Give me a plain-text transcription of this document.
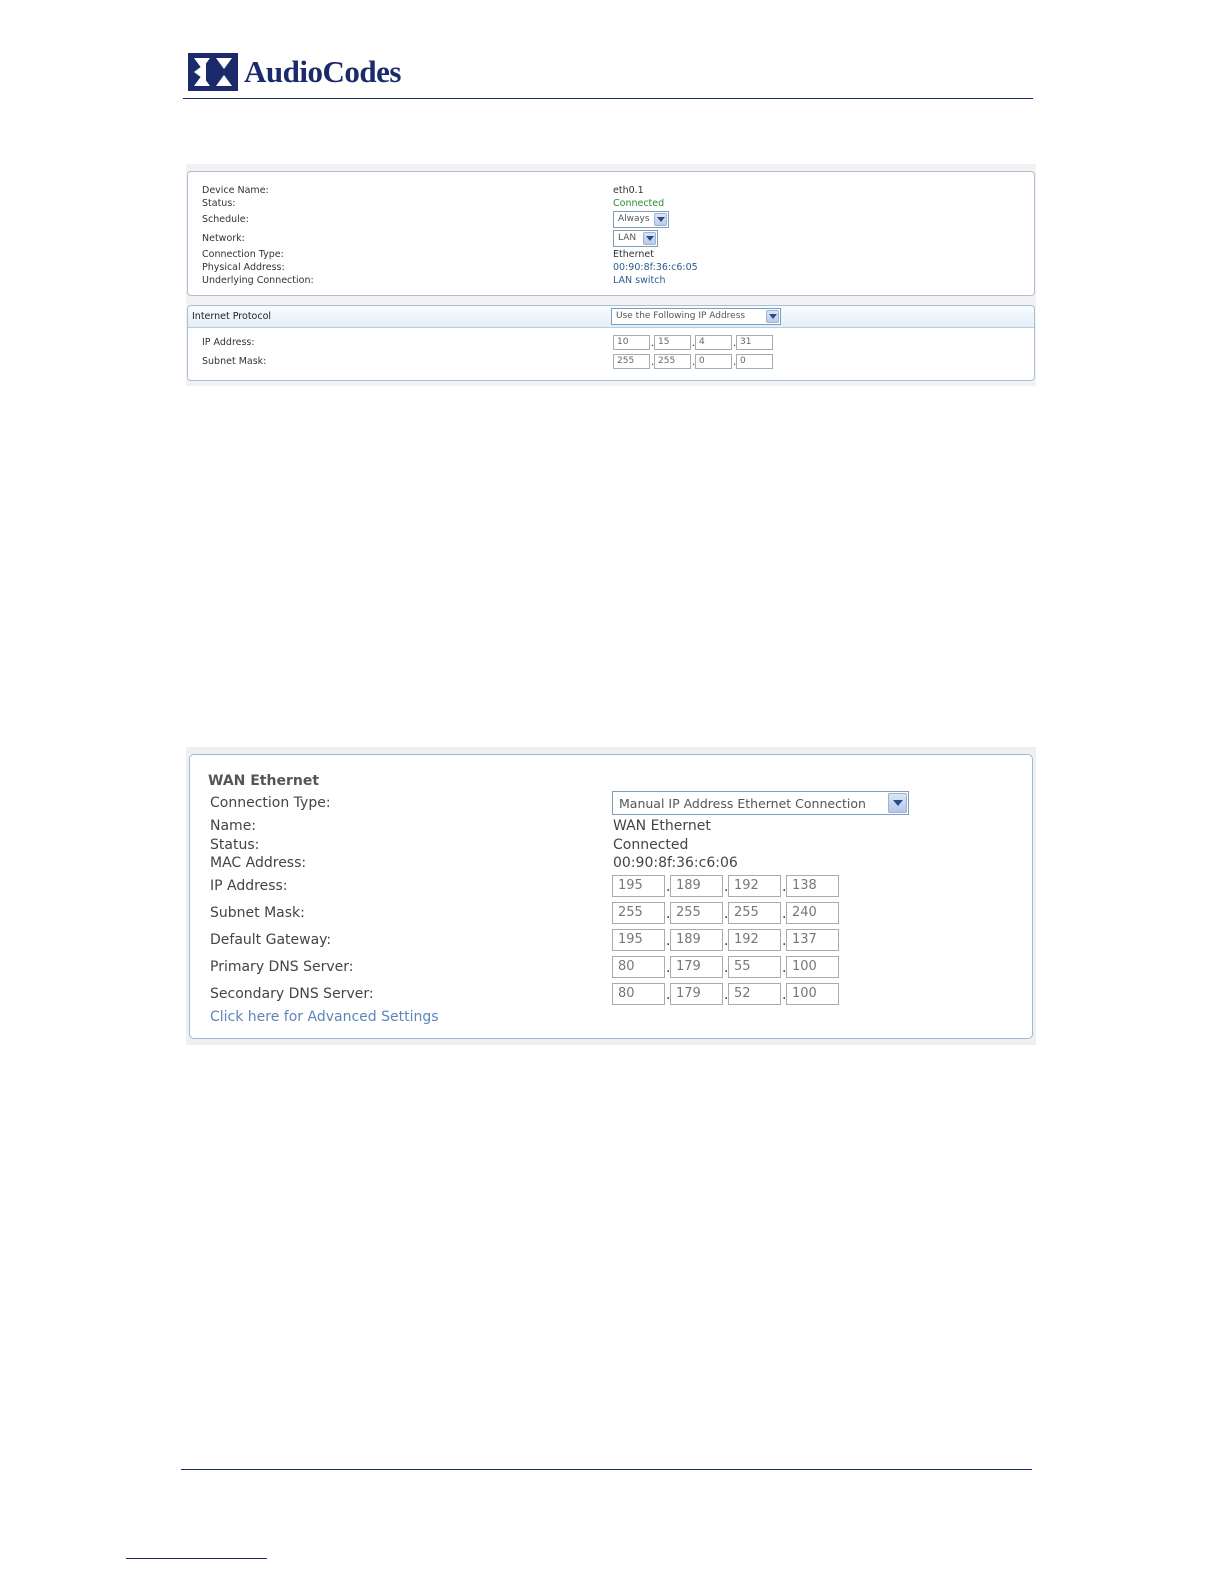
AudioCodes
Device Name:	eth0.1
Status:	Connected
Schedule:	Always
Network:	LAN
Connection Type:	Ethernet
Physical Address:	00:90:8f:36:c6:05
Underlying Connection:	LAN switch
Internet Protocol	Use the Following IP Address
IP Address:	10	. 15	. 4	. 31
Subnet Mask:	255	. 255	. 0	. 0
WAN Ethernet
Connection Type:	Manual IP Address Ethernet Connection
Name:	WAN Ethernet
Status:	Connected
MAC Address:	00:90:8f:36:c6:06
IP Address:	195	. 189	. 192	. 138
Subnet Mask:	255	. 255	. 255	. 240
Default Gateway:	195	. 189	. 192	. 137
Primary DNS Server:	80	. 179	. 55	. 100
Secondary DNS Server:	80	. 179	. 52	. 100
Click here for Advanced Settings
